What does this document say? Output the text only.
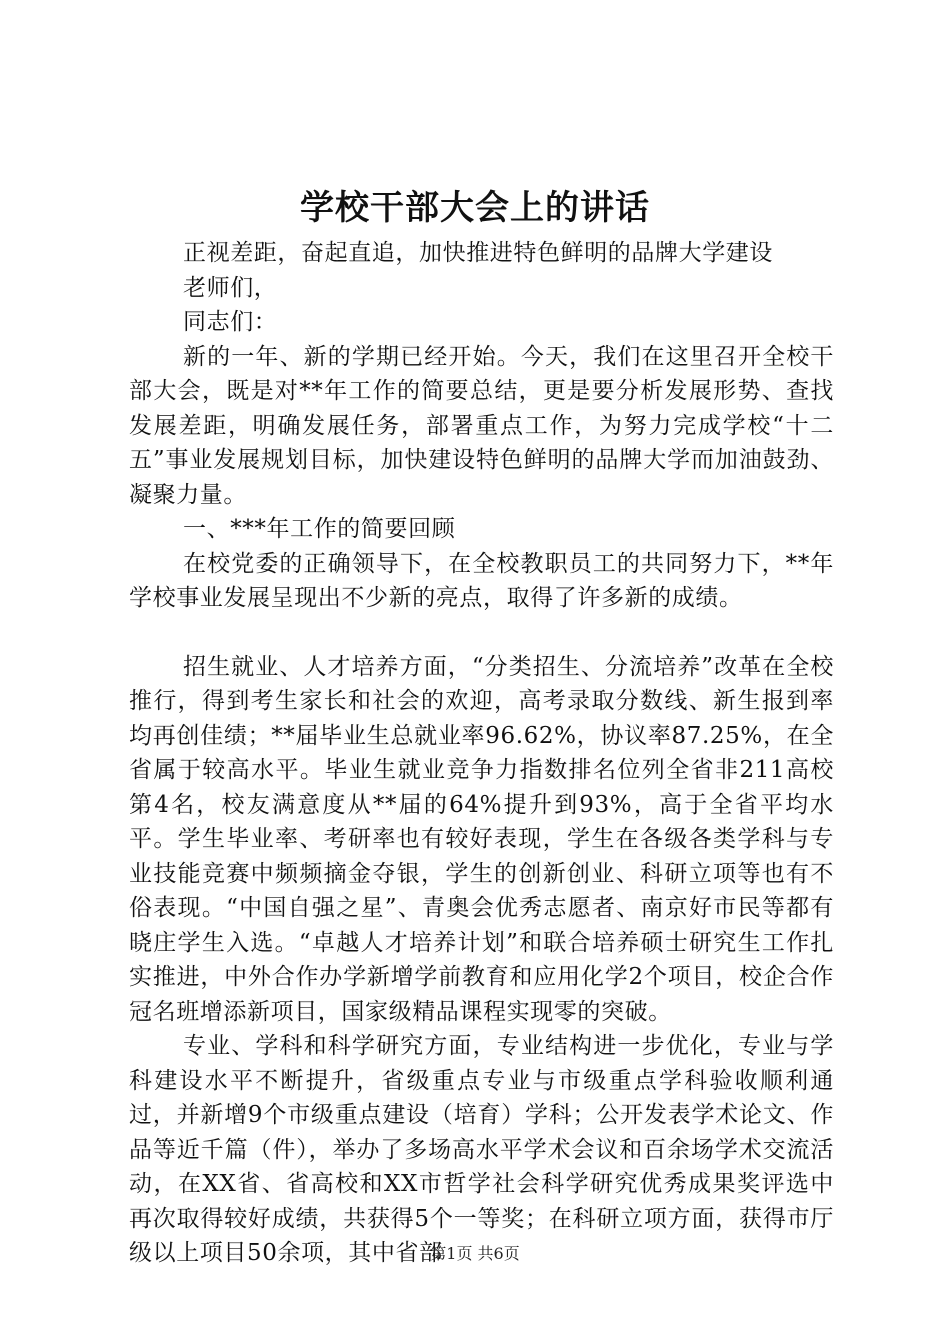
学校干部大会上的讲话

正视差距，奋起直追，加快推进特色鲜明的品牌大学建设

老师们，

同志们：

新的一年、新的学期已经开始。今天，我们在这里召开全校干部大会，既是对**年工作的简要总结，更是要分析发展形势、查找发展差距，明确发展任务，部署重点工作，为努力完成学校“十二五”事业发展规划目标，加快建设特色鲜明的品牌大学而加油鼓劲、凝聚力量。

一、***年工作的简要回顾

在校党委的正确领导下，在全校教职员工的共同努力下，**年学校事业发展呈现出不少新的亮点，取得了许多新的成绩。

招生就业、人才培养方面，“分类招生、分流培养”改革在全校推行，得到考生家长和社会的欢迎，高考录取分数线、新生报到率均再创佳绩；**届毕业生总就业率96.62%，协议率87.25%，在全省属于较高水平。毕业生就业竞争力指数排名位列全省非211高校第4名，校友满意度从**届的64%提升到93%，高于全省平均水平。学生毕业率、考研率也有较好表现，学生在各级各类学科与专业技能竞赛中频频摘金夺银，学生的创新创业、科研立项等也有不俗表现。“中国自强之星”、青奥会优秀志愿者、南京好市民等都有晓庄学生入选。“卓越人才培养计划”和联合培养硕士研究生工作扎实推进，中外合作办学新增学前教育和应用化学2个项目，校企合作冠名班增添新项目，国家级精品课程实现零的突破。

专业、学科和科学研究方面，专业结构进一步优化，专业与学科建设水平不断提升，省级重点专业与市级重点学科验收顺利通过，并新增9个市级重点建设（培育）学科；公开发表学术论文、作品等近千篇（件），举办了多场高水平学术会议和百余场学术交流活动，在XX省、省高校和XX市哲学社会科学研究优秀成果奖评选中再次取得较好成绩，共获得5个一等奖；在科研立项方面，获得市厅级以上项目50余项，其中省部

第1页 共6页
